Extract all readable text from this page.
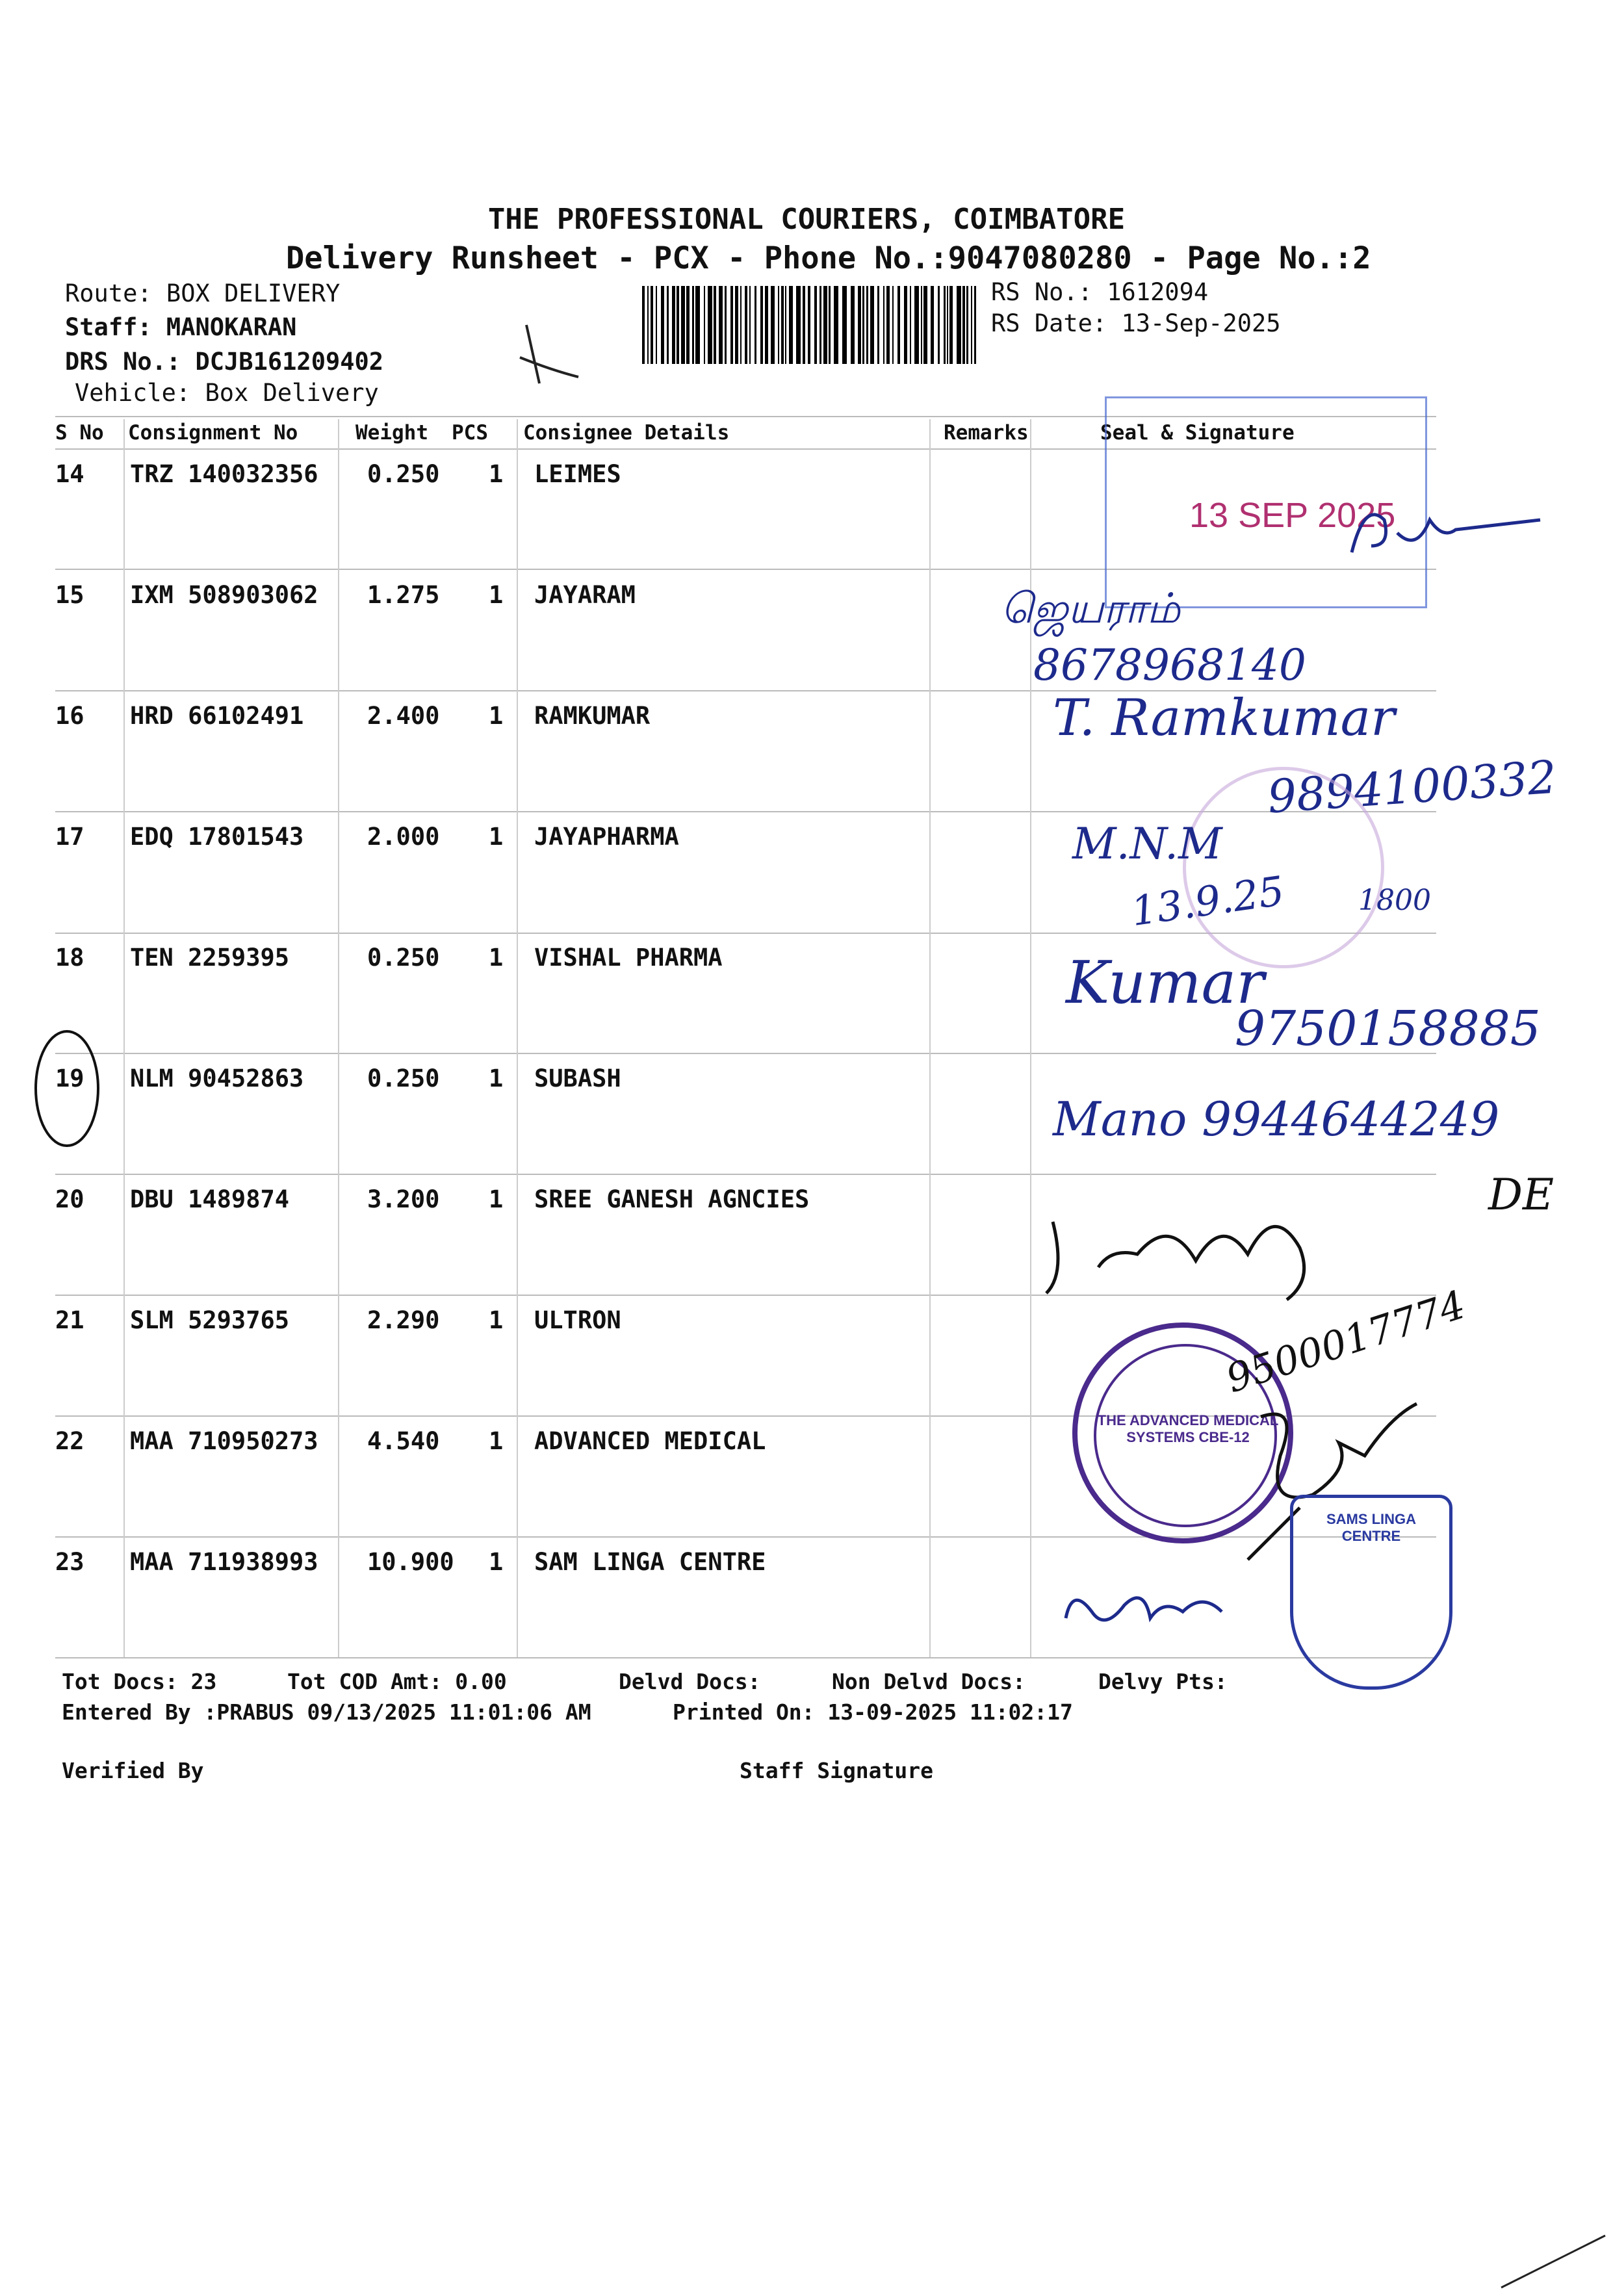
THE PROFESSIONAL COURIERS, COIMBATORE
Delivery Runsheet - PCX - Phone No.:9047080280 - Page No.:2
Route: BOX DELIVERY
Staff: MANOKARAN
DRS No.: DCJB161209402
Vehicle: Box Delivery
RS No.: 1612094
RS Date: 13-Sep-2025
S No Consignment No	Weight PCS Consignee Details	Remarks	Seal & Signature
14 TRZ 140032356 0.250 1 LEIMES
15 IXM 508903062 1.275 1 JAYARAM
16 HRD 66102491	2.400 1 RAMKUMAR
17 EDQ 17801543	2.000 1 JAYAPHARMA
18 TEN 2259395	0.250 1 VISHAL PHARMA
19 NLM 90452863	0.250 1 SUBASH
20 DBU 1489874	3.200 1 SREE GANESH AGNCIES
21 SLM 5293765	2.290 1 ULTRON
22 MAA 710950273 4.540 1 ADVANCED MEDICAL
23 MAA 711938993 10.900 1 SAM LINGA CENTRE
13 SEP 2025
ஜெயராம்
8678968140
T. Ramkumar
9894100332
M.N.M
13.9.25 1800
Kumar
9750158885
Mano 9944644249
DE
THE ADVANCED MEDICAL SYSTEMS CBE-12
9500017774
SAMS LINGA CENTRE
Tot Docs: 23	Tot COD Amt: 0.00	Delvd Docs:	Non Delvd Docs:	Delvy Pts:
Entered By :PRABUS 09/13/2025 11:01:06 AM	Printed On: 13-09-2025 11:02:17
Verified By	Staff Signature
